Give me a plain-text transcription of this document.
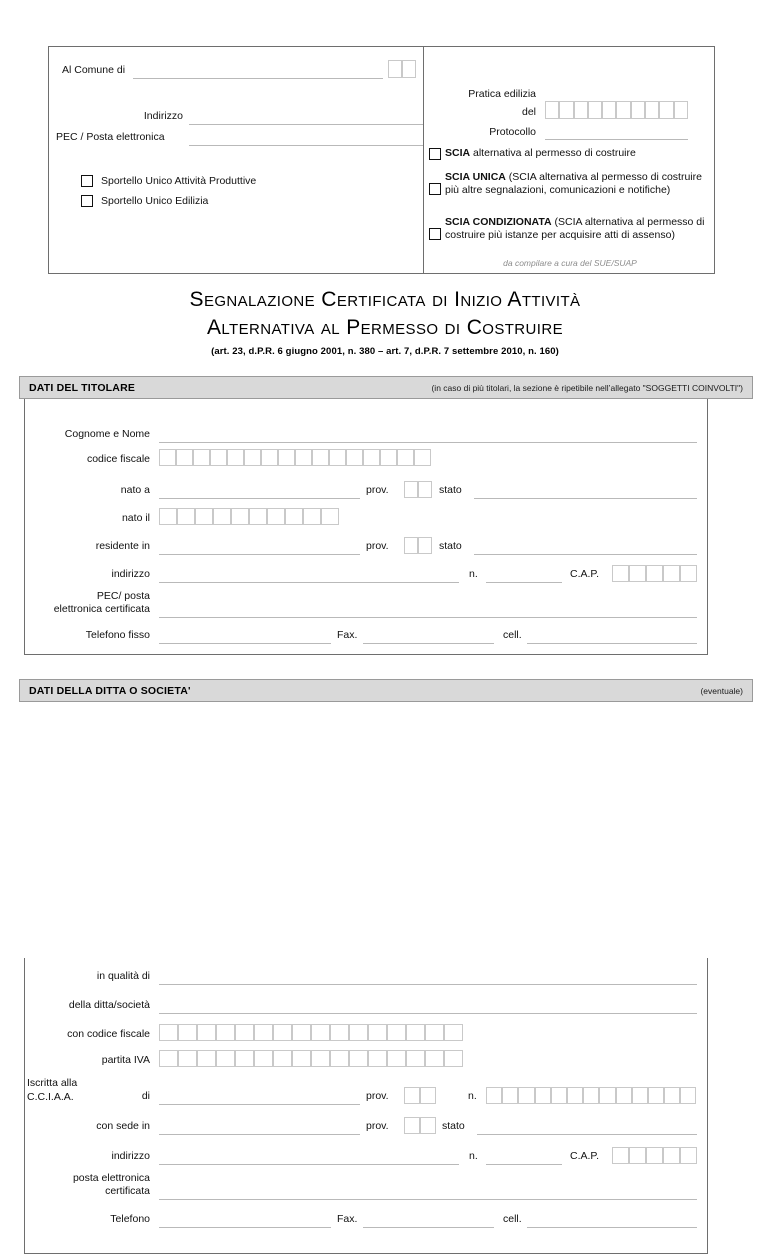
Al Comune di
Indirizzo
PEC / Posta elettronica
Sportello Unico Attività Produttive
Sportello Unico Edilizia
Pratica edilizia
del
Protocollo
SCIA alternativa al permesso di costruire
SCIA UNICA (SCIA alternativa al permesso di costruire più altre segnalazioni, comunicazioni e notifiche)
SCIA CONDIZIONATA (SCIA alternativa al permesso di costruire più istanze per acquisire atti di assenso)
da compilare a cura del SUE/SUAP
Segnalazione Certificata di Inizio Attività
Alternativa al Permesso di Costruire
(art. 23, d.P.R. 6 giugno 2001, n. 380 – art. 7, d.P.R. 7 settembre 2010, n. 160)
DATI DEL TITOLARE	(in caso di più titolari, la sezione è ripetibile nell’allegato "SOGGETTI COINVOLTI")
Cognome e Nome
codice fiscale
nato a	prov.	stato
nato il
residente in	prov.	stato
indirizzo	n.	C.A.P.
PEC/ posta
elettronica certificata
Telefono fisso	Fax.	cell.
DATI DELLA DITTA O SOCIETA'	(eventuale)
in qualità di
della ditta/società
con codice fiscale
partita IVA
Iscritta alla
C.C.I.A.A.	di	prov.	n.
con sede in	prov.	stato
indirizzo	n.	C.A.P.
posta elettronica
certificata
Telefono	Fax.	cell.
